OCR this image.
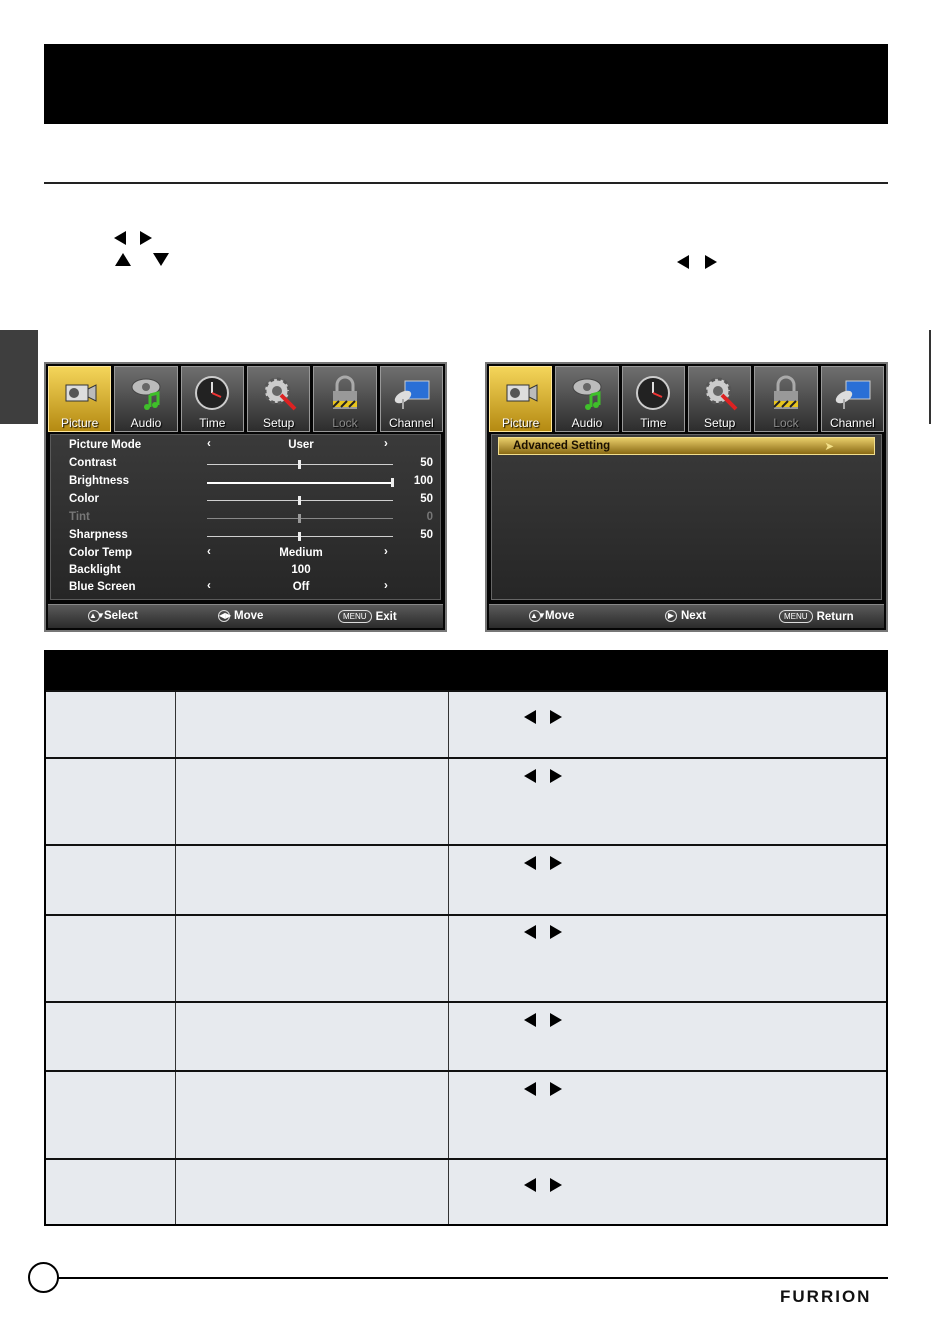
Picture	Audio	Time	Setup	Lock	Channel
Picture Mode	‹	User	›
Contrast	50
Brightness	100
Color	50
Tint	0
Sharpness	50
Color Temp	‹	Medium	›
Backlight	100
Blue Screen	‹	Off	›
▲▼ Select	◀▶ Move	MENU Exit
Picture	Audio	Time	Setup	Lock	Channel
Advanced Setting	➤
▲▼ Move	▶ Next	MENU Return
FURRION
